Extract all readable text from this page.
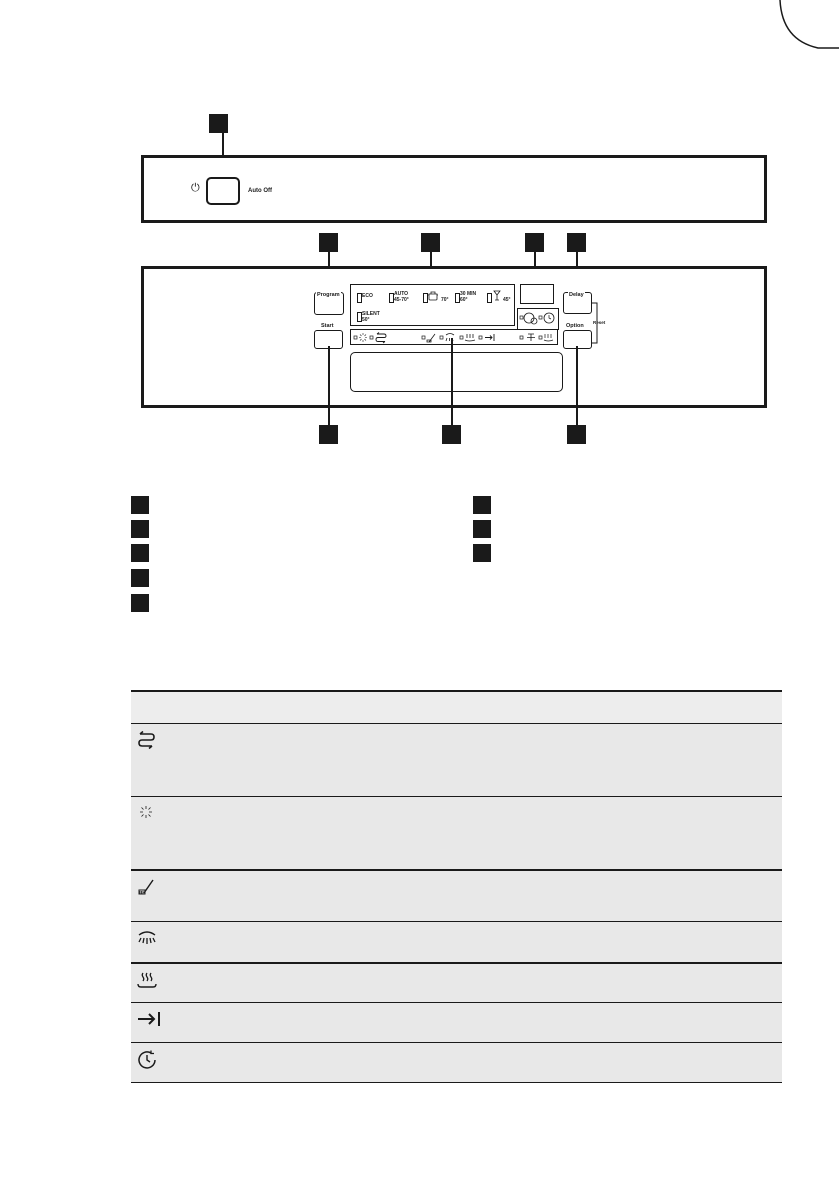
⏻	Auto Off
Program
Start
Delay
Option
Reset
ECO	AUTO
45-70°	70°
30 MIN
60°	45°
SILENT
50°
